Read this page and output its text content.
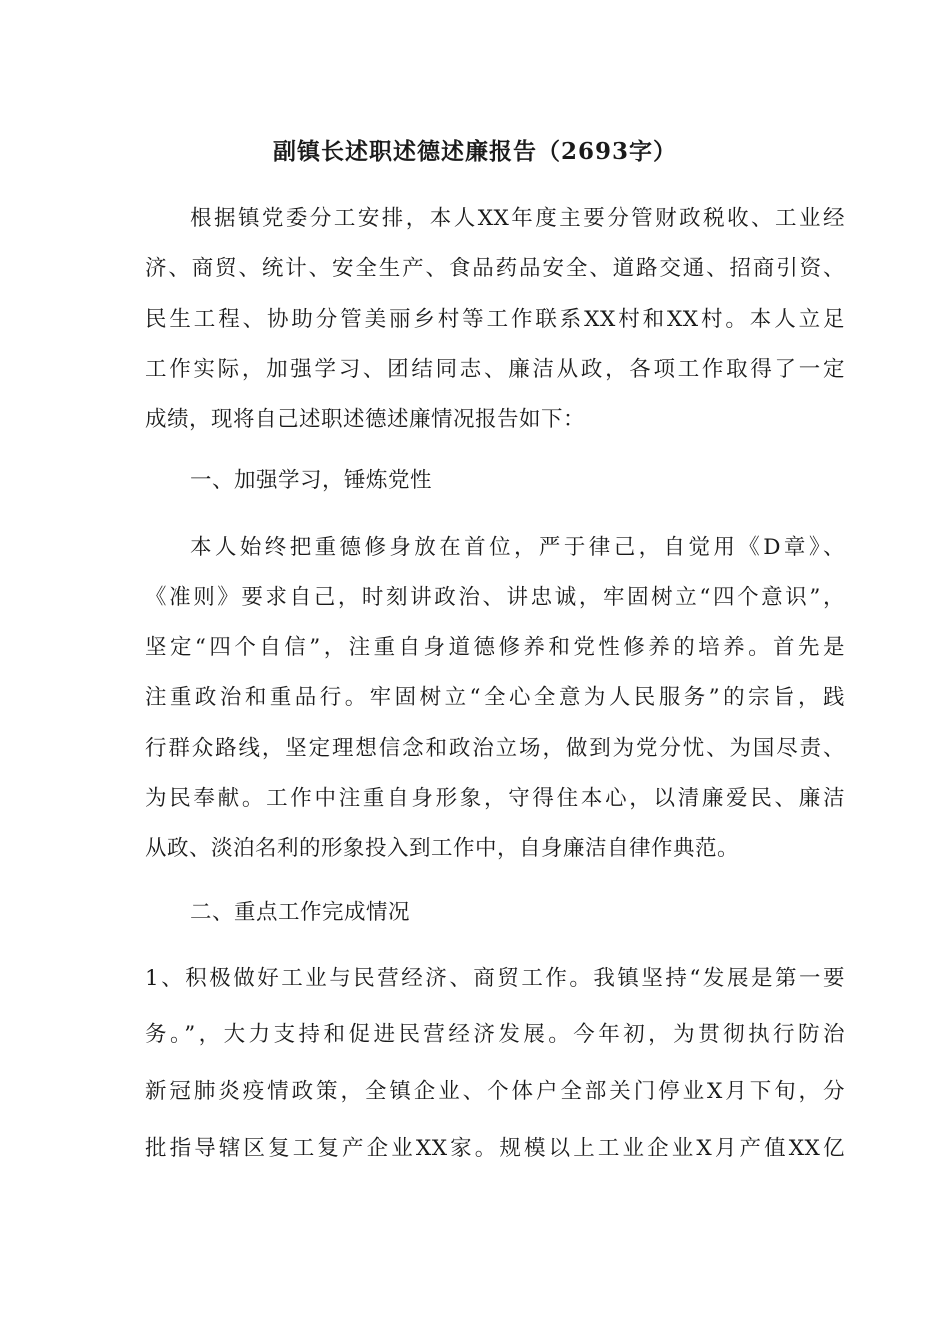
副镇长述职述德述廉报告（2693字）
根据镇党委分工安排，本人XX年度主要分管财政税收、工业经
济、商贸、统计、安全生产、食品药品安全、道路交通、招商引资、
民生工程、协助分管美丽乡村等工作联系XX村和XX村。本人立足
工作实际，加强学习、团结同志、廉洁从政，各项工作取得了一定
成绩，现将自己述职述德述廉情况报告如下：
一、加强学习，锤炼党性
本人始终把重德修身放在首位，严于律己，自觉用《D章》、
《准则》要求自己，时刻讲政治、讲忠诚，牢固树立“四个意识”，
坚定“四个自信”，注重自身道德修养和党性修养的培养。首先是
注重政治和重品行。牢固树立“全心全意为人民服务”的宗旨，践
行群众路线，坚定理想信念和政治立场，做到为党分忧、为国尽责、
为民奉献。工作中注重自身形象，守得住本心，以清廉爱民、廉洁
从政、淡泊名利的形象投入到工作中，自身廉洁自律作典范。
二、重点工作完成情况
1、积极做好工业与民营经济、商贸工作。我镇坚持“发展是第一要
务。”，大力支持和促进民营经济发展。今年初，为贯彻执行防治
新冠肺炎疫情政策，全镇企业、个体户全部关门停业X月下旬，分
批指导辖区复工复产企业XX家。规模以上工业企业X月产值XX亿
